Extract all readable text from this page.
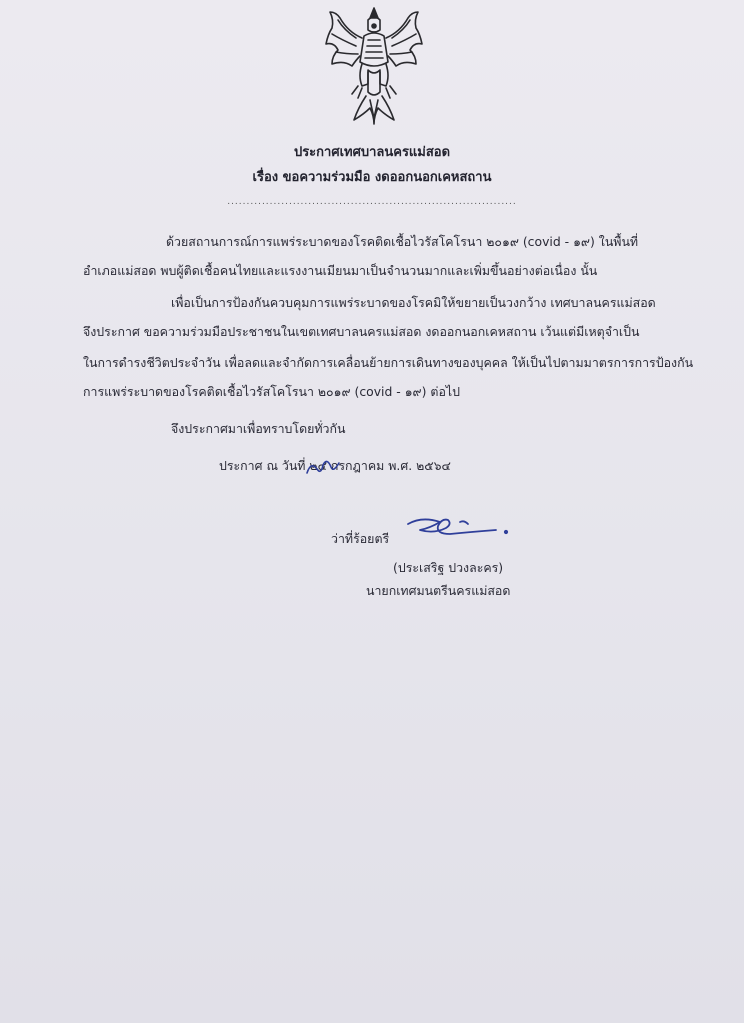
ประกาศเทศบาลนครแม่สอด
เรื่อง ขอความร่วมมือ งดออกนอกเคหสถาน
...........................................................................
ด้วยสถานการณ์การแพร่ระบาดของโรคติดเชื้อไวรัสโคโรนา ๒๐๑๙ (covid - ๑๙) ในพื้นที่
อำเภอแม่สอด พบผู้ติดเชื้อคนไทยและแรงงานเมียนมาเป็นจำนวนมากและเพิ่มขึ้นอย่างต่อเนื่อง นั้น
เพื่อเป็นการป้องกันควบคุมการแพร่ระบาดของโรคมิให้ขยายเป็นวงกว้าง เทศบาลนครแม่สอด
จึงประกาศ ขอความร่วมมือประชาชนในเขตเทศบาลนครแม่สอด งดออกนอกเคหสถาน เว้นแต่มีเหตุจำเป็น
ในการดำรงชีวิตประจำวัน เพื่อลดและจำกัดการเคลื่อนย้ายการเดินทางของบุคคล ให้เป็นไปตามมาตรการการป้องกัน
การแพร่ระบาดของโรคติดเชื้อไวรัสโคโรนา ๒๐๑๙ (covid - ๑๙) ต่อไป
จึงประกาศมาเพื่อทราบโดยทั่วกัน
ประกาศ ณ วันที่ ๒๔ กรกฎาคม พ.ศ. ๒๕๖๔
ว่าที่ร้อยตรี
(ประเสริฐ ปวงละคร)
นายกเทศมนตรีนครแม่สอด
